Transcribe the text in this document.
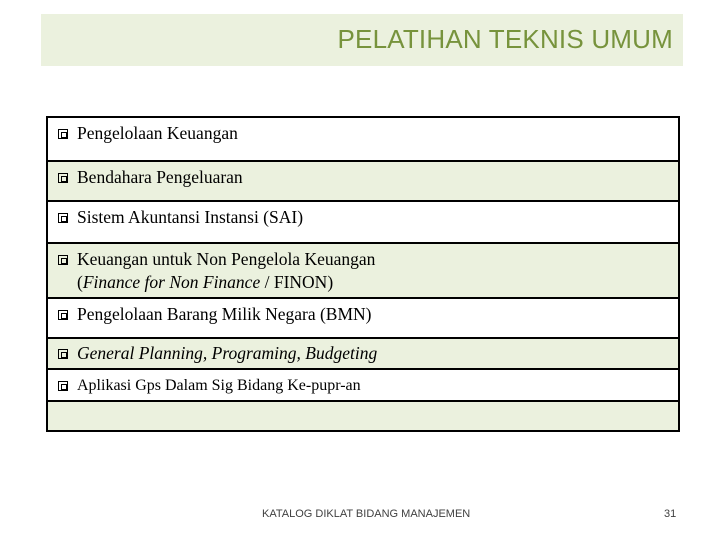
PELATIHAN TEKNIS UMUM
Pengelolaan Keuangan
Bendahara Pengeluaran
Sistem Akuntansi Instansi (SAI)
Keuangan untuk Non Pengelola Keuangan
(Finance for Non Finance / FINON)
Pengelolaan Barang Milik Negara (BMN)
General Planning, Programing, Budgeting
Aplikasi Gps Dalam Sig Bidang Ke-pupr-an
KATALOG DIKLAT BIDANG MANAJEMEN	31
